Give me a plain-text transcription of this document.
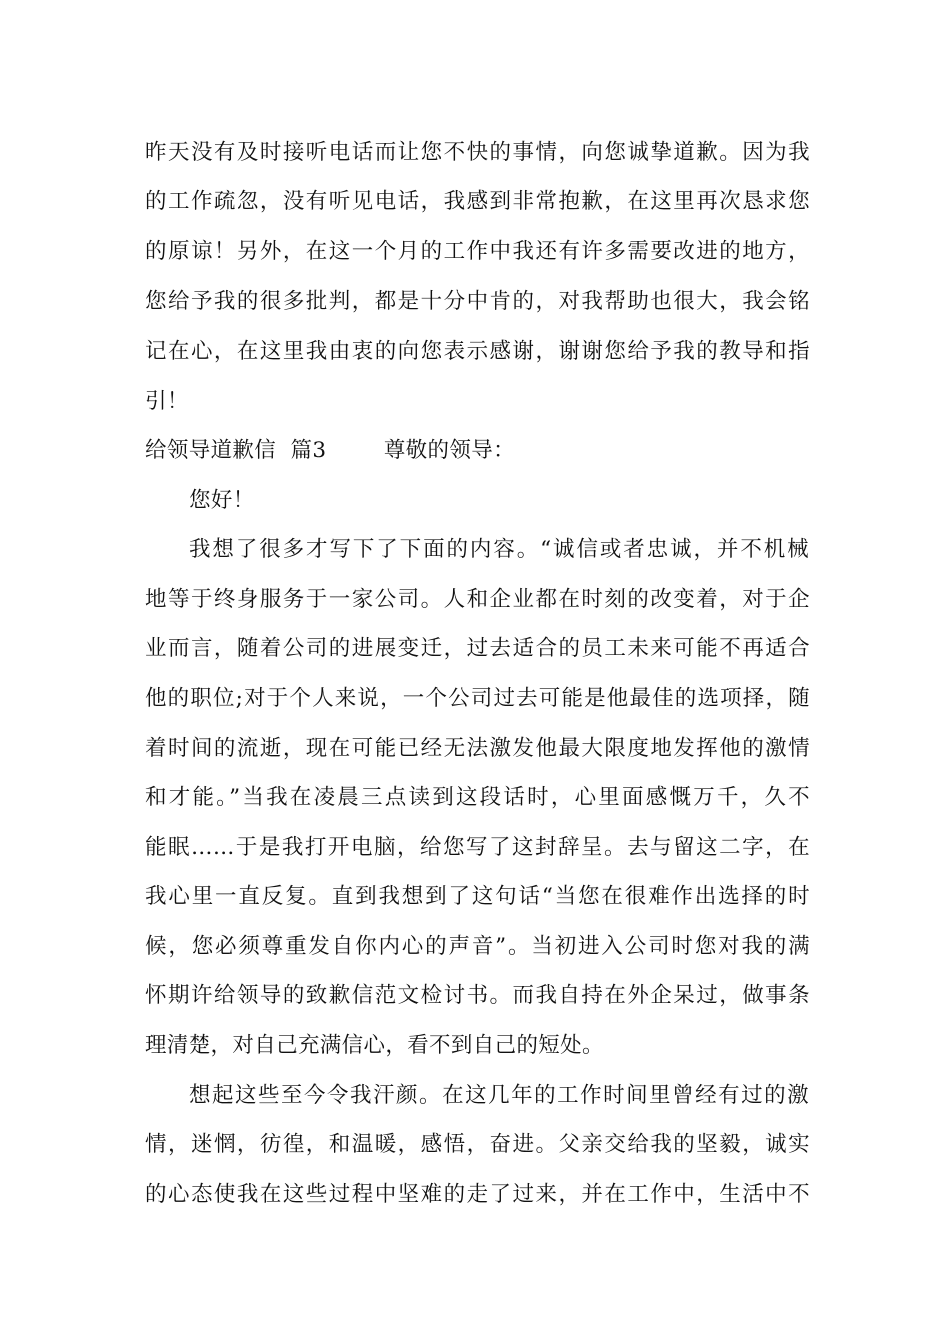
昨天没有及时接听电话而让您不快的事情，向您诚挚道歉。因为我
的工作疏忽，没有听见电话，我感到非常抱歉，在这里再次恳求您
的原谅！另外，在这一个月的工作中我还有许多需要改进的地方，
您给予我的很多批判，都是十分中肯的，对我帮助也很大，我会铭
记在心，在这里我由衷的向您表示感谢，谢谢您给予我的教导和指
引！
给领导道歉信  篇3        尊敬的领导：
您好！
我想了很多才写下了下面的内容。“诚信或者忠诚，并不机械
地等于终身服务于一家公司。人和企业都在时刻的改变着，对于企
业而言，随着公司的进展变迁，过去适合的员工未来可能不再适合
他的职位;对于个人来说，一个公司过去可能是他最佳的选项择，随
着时间的流逝，现在可能已经无法激发他最大限度地发挥他的激情
和才能。”当我在凌晨三点读到这段话时，心里面感慨万千，久不
能眠……于是我打开电脑，给您写了这封辞呈。去与留这二字，在
我心里一直反复。直到我想到了这句话“当您在很难作出选择的时
候，您必须尊重发自你内心的声音”。当初进入公司时您对我的满
怀期许给领导的致歉信范文检讨书。而我自持在外企呆过，做事条
理清楚，对自己充满信心，看不到自己的短处。
想起这些至今令我汗颜。在这几年的工作时间里曾经有过的激
情，迷惘，彷徨，和温暖，感悟，奋进。父亲交给我的坚毅，诚实
的心态使我在这些过程中坚难的走了过来，并在工作中，生活中不
